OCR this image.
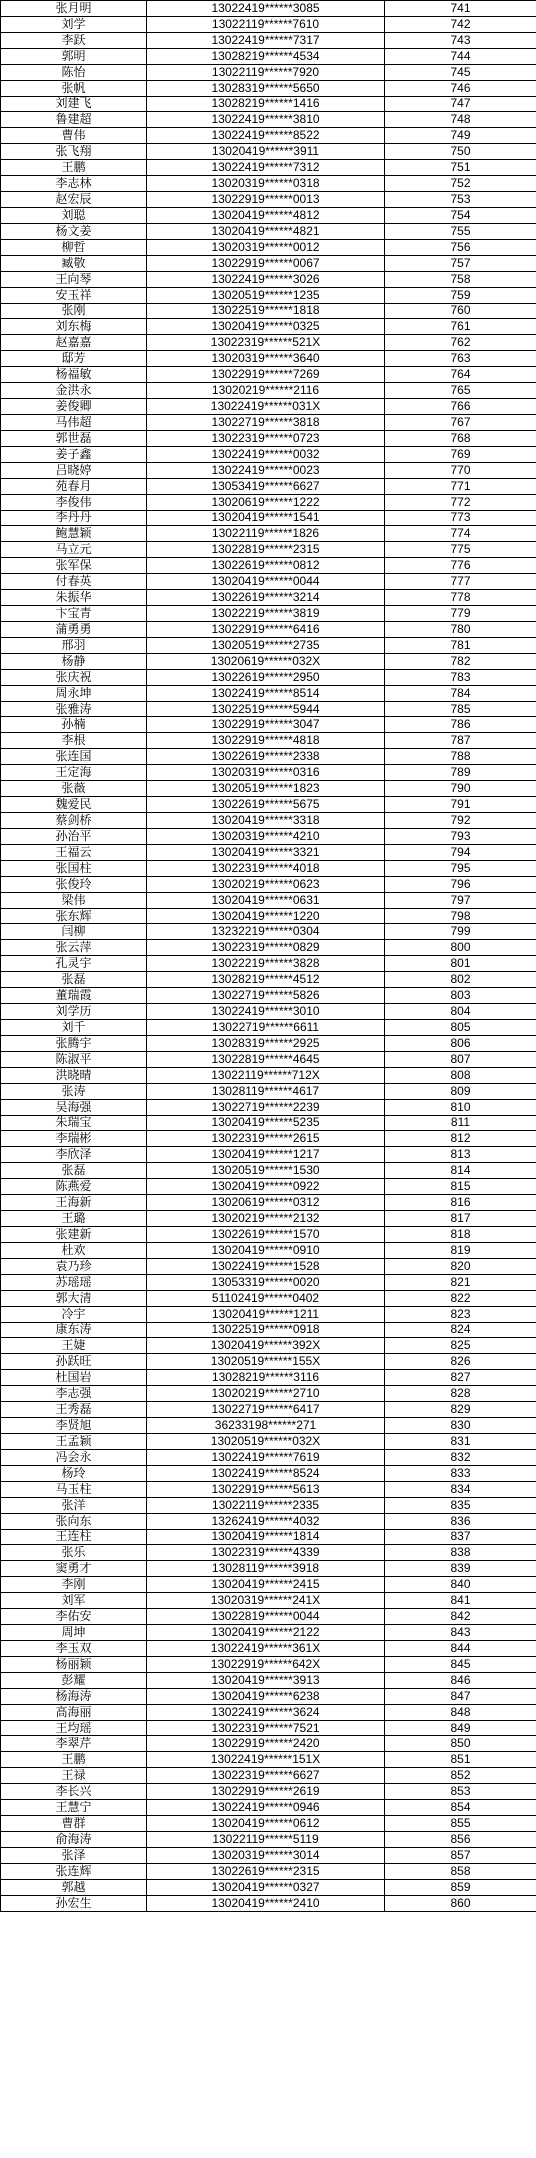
张月明	13022419******3085	741
刘学	13022119******7610	742
李跃	13022419******7317	743
郭明	13028219******4534	744
陈怡	13022119******7920	745
张帆	13028319******5650	746
刘建飞	13028219******1416	747
鲁建超	13022419******3810	748
曹伟	13022419******8522	749
张飞翔	13020419******3911	750
王鹏	13022419******7312	751
李志林	13020319******0318	752
赵宏辰	13022919******0013	753
刘聪	13020419******4812	754
杨文姜	13020419******4821	755
柳哲	13020319******0012	756
臧敬	13022919******0067	757
王向琴	13022419******3026	758
安玉祥	13020519******1235	759
张刚	13022519******1818	760
刘东梅	13020419******0325	761
赵嘉嘉	13022319******521X	762
邸芳	13020319******3640	763
杨福敏	13022919******7269	764
金洪永	13020219******2116	765
姜俊卿	13022419******031X	766
马伟超	13022719******3818	767
郭世磊	13022319******0723	768
姜子鑫	13022419******0032	769
吕晓婷	13022419******0023	770
苑春月	13053419******6627	771
李俊伟	13020619******1222	772
李丹丹	13020419******1541	773
鲍慧颖	13022119******1826	774
马立元	13022819******2315	775
张军保	13022619******0812	776
付春英	13020419******0044	777
朱振华	13022619******3214	778
卞宝青	13022219******3819	779
蒲勇勇	13022919******6416	780
邢羽	13020519******2735	781
杨静	13020619******032X	782
张庆祝	13022619******2950	783
周永坤	13022419******8514	784
张雅涛	13022519******5944	785
孙楠	13022919******3047	786
李根	13022919******4818	787
张连国	13022619******2338	788
王定海	13020319******0316	789
张薇	13020519******1823	790
魏爱民	13022619******5675	791
蔡剑桥	13020419******3318	792
孙治平	13020319******4210	793
王福云	13020419******3321	794
张国柱	13022319******4018	795
张俊玲	13020219******0623	796
梁伟	13020419******0631	797
张东辉	13020419******1220	798
闫柳	13232219******0304	799
张云萍	13022319******0829	800
孔灵宇	13022219******3828	801
张磊	13028219******4512	802
董瑞霞	13022719******5826	803
刘学历	13022419******3010	804
刘千	13022719******6611	805
张腾宇	13028319******2925	806
陈淑平	13022819******4645	807
洪晓晴	13022119******712X	808
张涛	13028119******4617	809
吴海强	13022719******2239	810
朱瑞宝	13020419******5235	811
李瑞彬	13022319******2615	812
李欣泽	13020419******1217	813
张磊	13020519******1530	814
陈燕爱	13020419******0922	815
王海新	13020619******0312	816
王璐	13020219******2132	817
张建新	13022619******1570	818
杜欢	13020419******0910	819
袁乃珍	13022419******1528	820
苏瑶瑶	13053319******0020	821
郭大清	51102419******0402	822
冷宇	13020419******1211	823
康东涛	13022519******0918	824
王婕	13020419******392X	825
孙跃旺	13020519******155X	826
杜国岩	13028219******3116	827
李志强	13020219******2710	828
王秀磊	13022719******6417	829
李贤旭	36233198******271	830
王孟颖	13020519******032X	831
冯会永	13022419******7619	832
杨玲	13022419******8524	833
马玉柱	13022919******5613	834
张洋	13022119******2335	835
张向东	13262419******4032	836
王连柱	13020419******1814	837
张乐	13022319******4339	838
窦勇才	13028119******3918	839
李刚	13020419******2415	840
刘军	13020319******241X	841
李佑安	13022819******0044	842
周坤	13020419******2122	843
李玉双	13022419******361X	844
杨丽颖	13022919******642X	845
彭耀	13020419******3913	846
杨海涛	13020419******6238	847
高海丽	13022419******3624	848
王均瑶	13022319******7521	849
李翠芹	13022919******2420	850
王鹏	13022419******151X	851
王禄	13022319******6627	852
李长兴	13022919******2619	853
王慧宁	13022419******0946	854
曹群	13020419******0612	855
俞海涛	13022119******5119	856
张泽	13020319******3014	857
张连辉	13022619******2315	858
郭越	13020419******0327	859
孙宏生	13020419******2410	860
